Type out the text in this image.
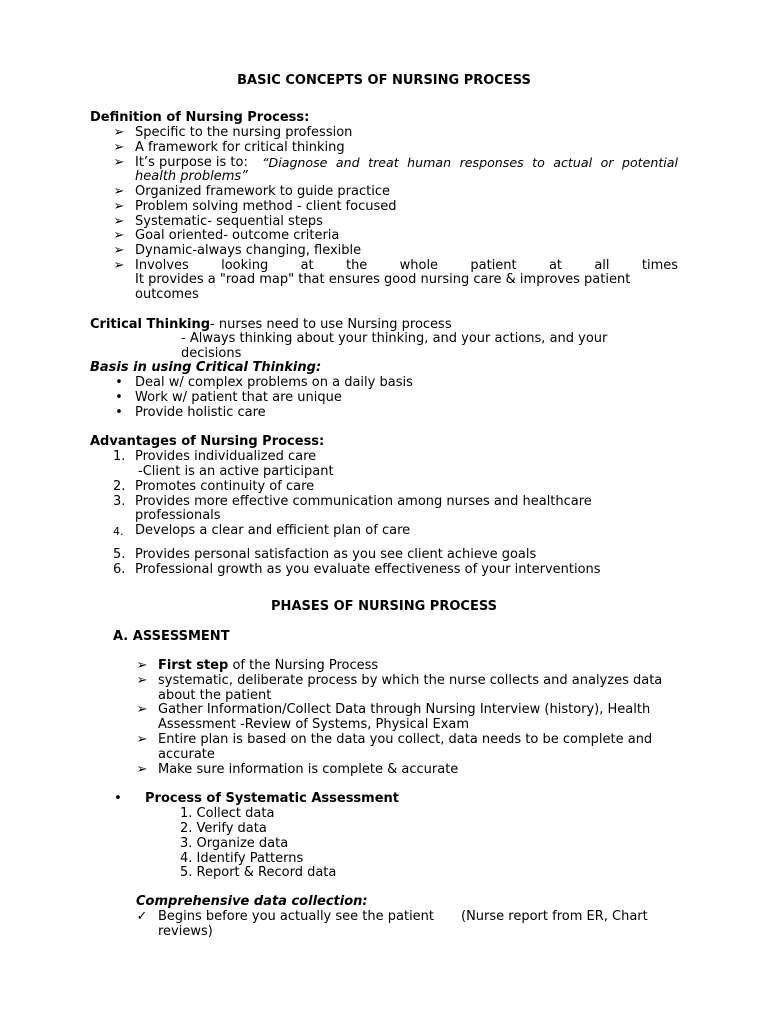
BASIC CONCEPTS OF NURSING PROCESS
Definition of Nursing Process:
➢ Specific to the nursing profession
➢ A framework for critical thinking
➢ It’s purpose is to: “Diagnose and treat human responses to actual or potential
health problems”
➢ Organized framework to guide practice
➢ Problem solving method - client focused
➢ Systematic- sequential steps
➢ Goal oriented- outcome criteria
➢ Dynamic-always changing, flexible
➢ Involves looking at the whole patient at all times
It provides a "road map" that ensures good nursing care & improves patient
outcomes
Critical Thinking- nurses need to use Nursing process
- Always thinking about your thinking, and your actions, and your
decisions
Basis in using Critical Thinking:
• Deal w/ complex problems on a daily basis
• Work w/ patient that are unique
• Provide holistic care
Advantages of Nursing Process:
1. Provides individualized care
-Client is an active participant
2. Promotes continuity of care
3. Provides more effective communication among nurses and healthcare
professionals
4. Develops a clear and efficient plan of care
5. Provides personal satisfaction as you see client achieve goals
6. Professional growth as you evaluate effectiveness of your interventions
PHASES OF NURSING PROCESS
A. ASSESSMENT
➢ First step of the Nursing Process
➢ systematic, deliberate process by which the nurse collects and analyzes data
about the patient
➢ Gather Information/Collect Data through Nursing Interview (history), Health
Assessment -Review of Systems, Physical Exam
➢ Entire plan is based on the data you collect, data needs to be complete and
accurate
➢ Make sure information is complete & accurate
•	Process of Systematic Assessment
1. Collect data
2. Verify data
3. Organize data
4. Identify Patterns
5. Report & Record data
Comprehensive data collection:
✓ Begins before you actually see the patient (Nurse report from ER, Chart
reviews)
